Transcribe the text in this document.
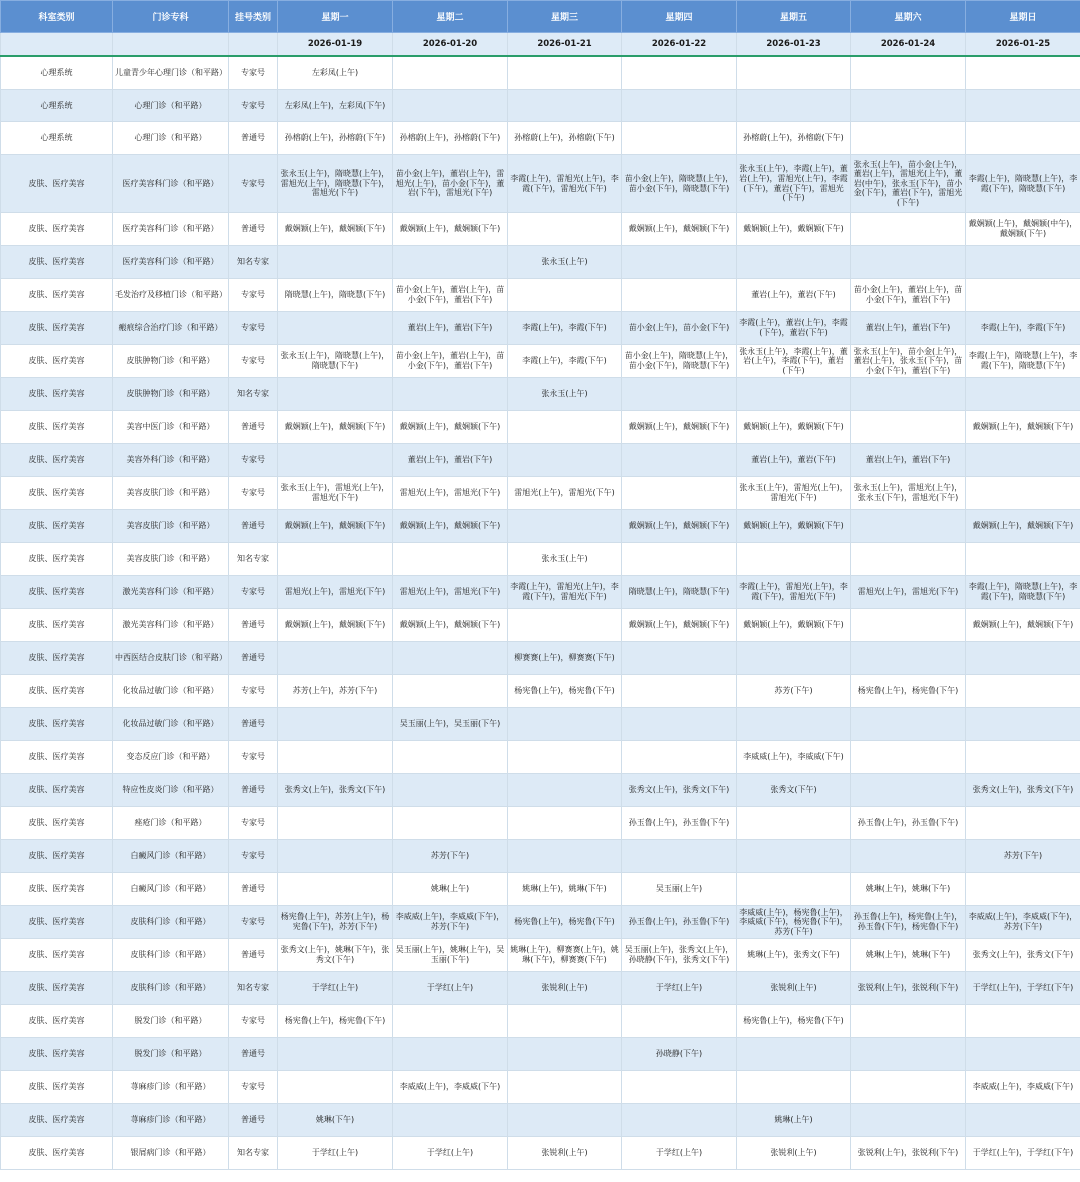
科室类别	门诊专科	挂号类别	星期一	星期二	星期三	星期四	星期五	星期六	星期日
			2026-01-19	2026-01-20	2026-01-21	2026-01-22	2026-01-23	2026-01-24	2026-01-25
心理系统	儿童青少年心理门诊（和平路）	专家号	左彩凤(上午)						
心理系统	心理门诊（和平路）	专家号	左彩凤(上午)，左彩凤(下午)						
心理系统	心理门诊（和平路）	普通号	孙榕蔚(上午)，孙榕蔚(下午)	孙榕蔚(上午)，孙榕蔚(下午)	孙榕蔚(上午)，孙榕蔚(下午)		孙榕蔚(上午)，孙榕蔚(下午)		
皮肤、医疗美容	医疗美容科门诊（和平路）	专家号	张永玉(上午)，隋晓慧(上午)，雷旭光(上午)，隋晓慧(下午)，雷旭光(下午)	苗小金(上午)，董岩(上午)，雷旭光(上午)，苗小金(下午)，董岩(下午)，雷旭光(下午)	李霞(上午)，雷旭光(上午)，李霞(下午)，雷旭光(下午)	苗小金(上午)，隋晓慧(上午)，苗小金(下午)，隋晓慧(下午)	张永玉(上午)，李霞(上午)，董岩(上午)，雷旭光(上午)，李霞(下午)，董岩(下午)，雷旭光(下午)	张永玉(上午)，苗小金(上午)，董岩(上午)，雷旭光(上午)，董岩(中午)，张永玉(下午)，苗小金(下午)，董岩(下午)，雷旭光(下午)	李霞(上午)，隋晓慧(上午)，李霞(下午)，隋晓慧(下午)
皮肤、医疗美容	医疗美容科门诊（和平路）	普通号	戴娴颖(上午)，戴娴颖(下午)	戴娴颖(上午)，戴娴颖(下午)		戴娴颖(上午)，戴娴颖(下午)	戴娴颖(上午)，戴娴颖(下午)		戴娴颖(上午)，戴娴颖(中午)，戴娴颖(下午)
皮肤、医疗美容	医疗美容科门诊（和平路）	知名专家			张永玉(上午)				
皮肤、医疗美容	毛发治疗及移植门诊（和平路）	专家号	隋晓慧(上午)，隋晓慧(下午)	苗小金(上午)，董岩(上午)，苗小金(下午)，董岩(下午)			董岩(上午)，董岩(下午)	苗小金(上午)，董岩(上午)，苗小金(下午)，董岩(下午)	
皮肤、医疗美容	瘢痕综合治疗门诊（和平路）	专家号		董岩(上午)，董岩(下午)	李霞(上午)，李霞(下午)	苗小金(上午)，苗小金(下午)	李霞(上午)，董岩(上午)，李霞(下午)，董岩(下午)	董岩(上午)，董岩(下午)	李霞(上午)，李霞(下午)
皮肤、医疗美容	皮肤肿物门诊（和平路）	专家号	张永玉(上午)，隋晓慧(上午)，隋晓慧(下午)	苗小金(上午)，董岩(上午)，苗小金(下午)，董岩(下午)	李霞(上午)，李霞(下午)	苗小金(上午)，隋晓慧(上午)，苗小金(下午)，隋晓慧(下午)	张永玉(上午)，李霞(上午)，董岩(上午)，李霞(下午)，董岩(下午)	张永玉(上午)，苗小金(上午)，董岩(上午)，张永玉(下午)，苗小金(下午)，董岩(下午)	李霞(上午)，隋晓慧(上午)，李霞(下午)，隋晓慧(下午)
皮肤、医疗美容	皮肤肿物门诊（和平路）	知名专家			张永玉(上午)				
皮肤、医疗美容	美容中医门诊（和平路）	普通号	戴娴颖(上午)，戴娴颖(下午)	戴娴颖(上午)，戴娴颖(下午)		戴娴颖(上午)，戴娴颖(下午)	戴娴颖(上午)，戴娴颖(下午)		戴娴颖(上午)，戴娴颖(下午)
皮肤、医疗美容	美容外科门诊（和平路）	专家号		董岩(上午)，董岩(下午)			董岩(上午)，董岩(下午)	董岩(上午)，董岩(下午)	
皮肤、医疗美容	美容皮肤门诊（和平路）	专家号	张永玉(上午)，雷旭光(上午)，雷旭光(下午)	雷旭光(上午)，雷旭光(下午)	雷旭光(上午)，雷旭光(下午)		张永玉(上午)，雷旭光(上午)，雷旭光(下午)	张永玉(上午)，雷旭光(上午)，张永玉(下午)，雷旭光(下午)	
皮肤、医疗美容	美容皮肤门诊（和平路）	普通号	戴娴颖(上午)，戴娴颖(下午)	戴娴颖(上午)，戴娴颖(下午)		戴娴颖(上午)，戴娴颖(下午)	戴娴颖(上午)，戴娴颖(下午)		戴娴颖(上午)，戴娴颖(下午)
皮肤、医疗美容	美容皮肤门诊（和平路）	知名专家			张永玉(上午)				
皮肤、医疗美容	激光美容科门诊（和平路）	专家号	雷旭光(上午)，雷旭光(下午)	雷旭光(上午)，雷旭光(下午)	李霞(上午)，雷旭光(上午)，李霞(下午)，雷旭光(下午)	隋晓慧(上午)，隋晓慧(下午)	李霞(上午)，雷旭光(上午)，李霞(下午)，雷旭光(下午)	雷旭光(上午)，雷旭光(下午)	李霞(上午)，隋晓慧(上午)，李霞(下午)，隋晓慧(下午)
皮肤、医疗美容	激光美容科门诊（和平路）	普通号	戴娴颖(上午)，戴娴颖(下午)	戴娴颖(上午)，戴娴颖(下午)		戴娴颖(上午)，戴娴颖(下午)	戴娴颖(上午)，戴娴颖(下午)		戴娴颖(上午)，戴娴颖(下午)
皮肤、医疗美容	中西医结合皮肤门诊（和平路）	普通号			柳赛赛(上午)，柳赛赛(下午)				
皮肤、医疗美容	化妆品过敏门诊（和平路）	专家号	苏芳(上午)，苏芳(下午)		杨宪鲁(上午)，杨宪鲁(下午)		苏芳(下午)	杨宪鲁(上午)，杨宪鲁(下午)	
皮肤、医疗美容	化妆品过敏门诊（和平路）	普通号		吴玉丽(上午)，吴玉丽(下午)					
皮肤、医疗美容	变态反应门诊（和平路）	专家号					李威威(上午)，李威威(下午)		
皮肤、医疗美容	特应性皮炎门诊（和平路）	普通号	张秀文(上午)，张秀文(下午)			张秀文(上午)，张秀文(下午)	张秀文(下午)		张秀文(上午)，张秀文(下午)
皮肤、医疗美容	痤疮门诊（和平路）	专家号				孙玉鲁(上午)，孙玉鲁(下午)		孙玉鲁(上午)，孙玉鲁(下午)	
皮肤、医疗美容	白癜风门诊（和平路）	专家号		苏芳(下午)					苏芳(下午)
皮肤、医疗美容	白癜风门诊（和平路）	普通号		姚琳(上午)	姚琳(上午)，姚琳(下午)	吴玉丽(上午)		姚琳(上午)，姚琳(下午)	
皮肤、医疗美容	皮肤科门诊（和平路）	专家号	杨宪鲁(上午)，苏芳(上午)，杨宪鲁(下午)，苏芳(下午)	李威威(上午)，李威威(下午)，苏芳(下午)	杨宪鲁(上午)，杨宪鲁(下午)	孙玉鲁(上午)，孙玉鲁(下午)	李威威(上午)，杨宪鲁(上午)，李威威(下午)，杨宪鲁(下午)，苏芳(下午)	孙玉鲁(上午)，杨宪鲁(上午)，孙玉鲁(下午)，杨宪鲁(下午)	李威威(上午)，李威威(下午)，苏芳(下午)
皮肤、医疗美容	皮肤科门诊（和平路）	普通号	张秀文(上午)，姚琳(下午)，张秀文(下午)	吴玉丽(上午)，姚琳(上午)，吴玉丽(下午)	姚琳(上午)，柳赛赛(上午)，姚琳(下午)，柳赛赛(下午)	吴玉丽(上午)，张秀文(上午)，孙晓静(下午)，张秀文(下午)	姚琳(上午)，张秀文(下午)	姚琳(上午)，姚琳(下午)	张秀文(上午)，张秀文(下午)
皮肤、医疗美容	皮肤科门诊（和平路）	知名专家	于学红(上午)	于学红(上午)	张锐利(上午)	于学红(上午)	张锐利(上午)	张锐利(上午)，张锐利(下午)	于学红(上午)，于学红(下午)
皮肤、医疗美容	脱发门诊（和平路）	专家号	杨宪鲁(上午)，杨宪鲁(下午)				杨宪鲁(上午)，杨宪鲁(下午)		
皮肤、医疗美容	脱发门诊（和平路）	普通号				孙晓静(下午)			
皮肤、医疗美容	荨麻疹门诊（和平路）	专家号		李威威(上午)，李威威(下午)					李威威(上午)，李威威(下午)
皮肤、医疗美容	荨麻疹门诊（和平路）	普通号	姚琳(下午)				姚琳(上午)		
皮肤、医疗美容	银屑病门诊（和平路）	知名专家	于学红(上午)	于学红(上午)	张锐利(上午)	于学红(上午)	张锐利(上午)	张锐利(上午)，张锐利(下午)	于学红(上午)，于学红(下午)
